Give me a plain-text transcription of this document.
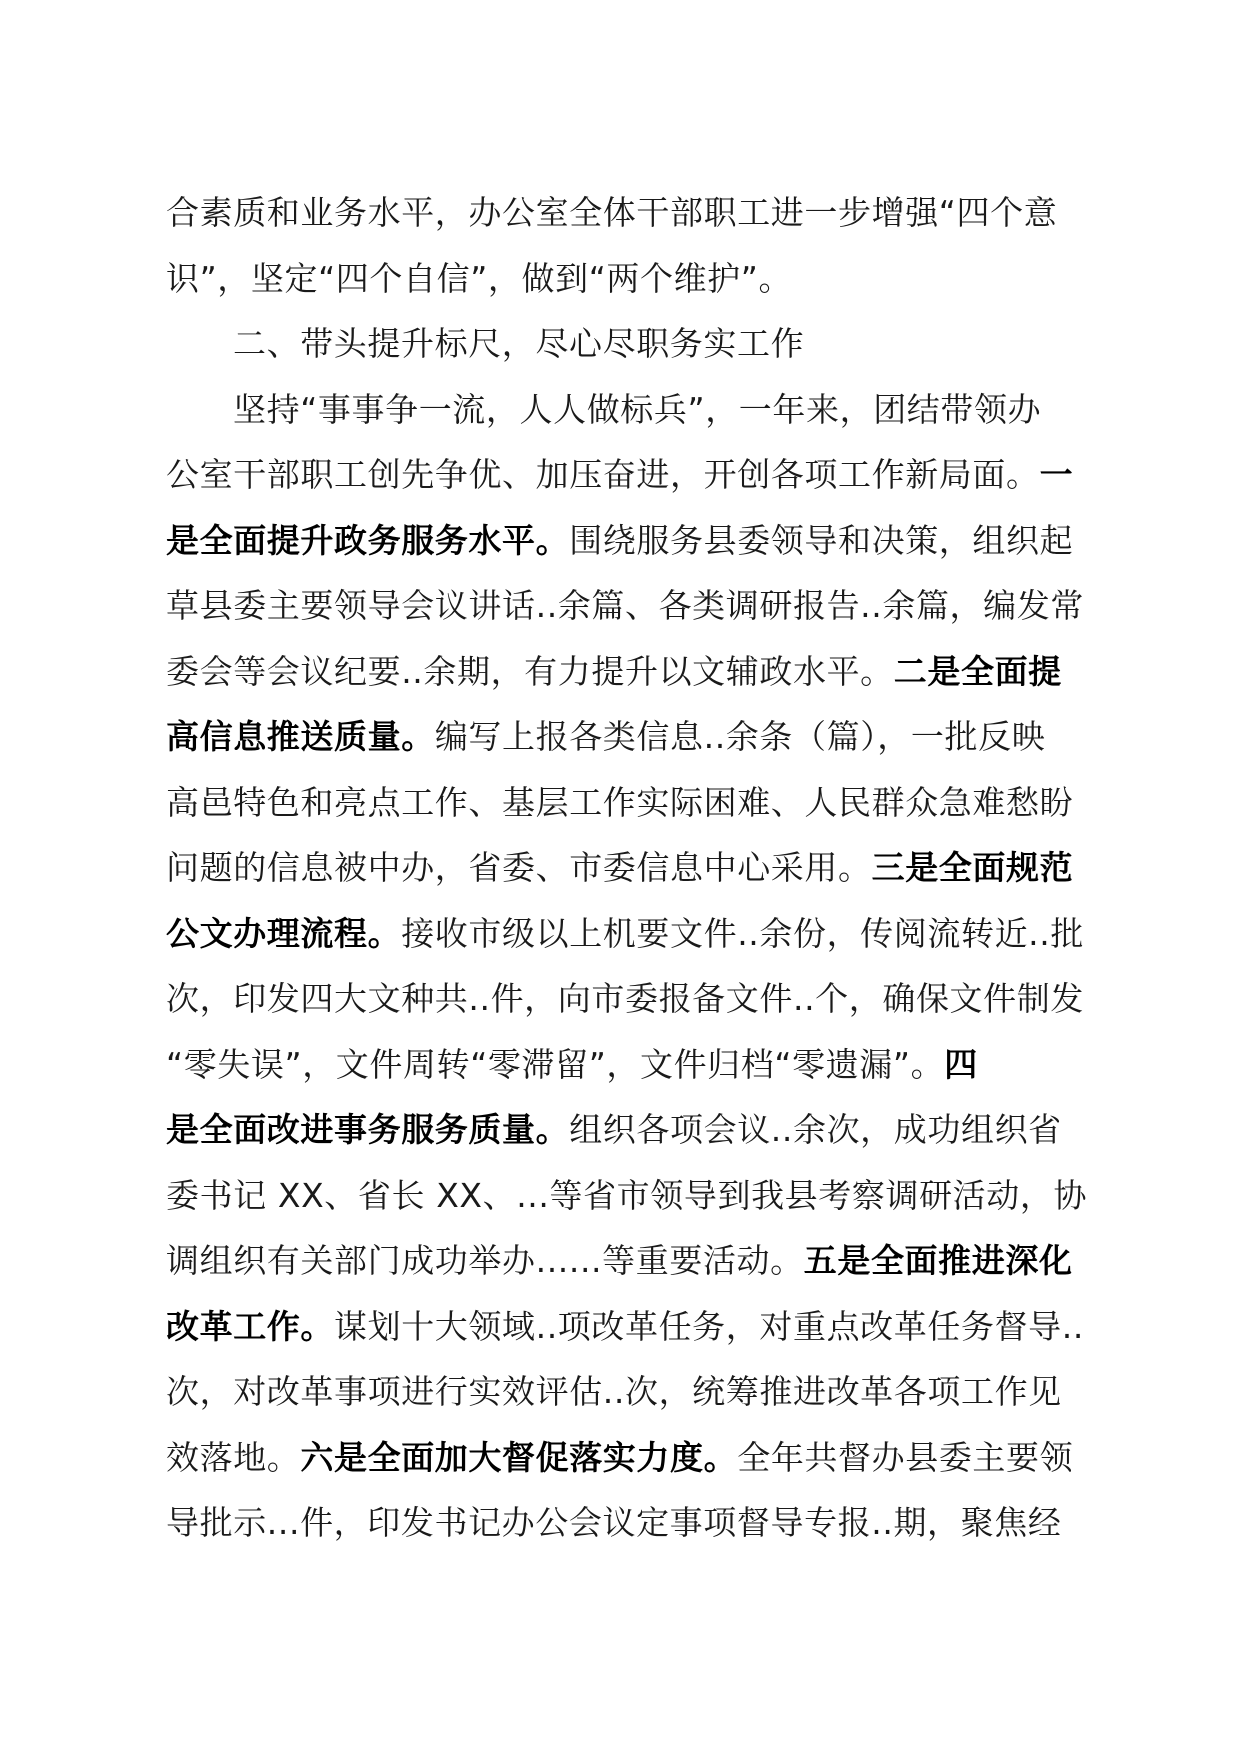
合素质和业务水平，办公室全体干部职工进一步增强“四个意
识”，坚定“四个自信”，做到“两个维护”。
二、带头提升标尺，尽心尽职务实工作
坚持“事事争一流，人人做标兵”，一年来，团结带领办
公室干部职工创先争优、加压奋进，开创各项工作新局面。一
是全面提升政务服务水平。围绕服务县委领导和决策，组织起
草县委主要领导会议讲话..余篇、各类调研报告..余篇，编发常
委会等会议纪要..余期，有力提升以文辅政水平。二是全面提
高信息推送质量。编写上报各类信息..余条（篇），一批反映
高邑特色和亮点工作、基层工作实际困难、人民群众急难愁盼
问题的信息被中办，省委、市委信息中心采用。三是全面规范
公文办理流程。接收市级以上机要文件..余份，传阅流转近..批
次，印发四大文种共..件，向市委报备文件..个，确保文件制发
“零失误”，文件周转“零滞留”，文件归档“零遗漏”。四
是全面改进事务服务质量。组织各项会议..余次，成功组织省
委书记 XX、省长 XX、...等省市领导到我县考察调研活动，协
调组织有关部门成功举办......等重要活动。五是全面推进深化
改革工作。谋划十大领域..项改革任务，对重点改革任务督导..
次，对改革事项进行实效评估..次，统筹推进改革各项工作见
效落地。六是全面加大督促落实力度。全年共督办县委主要领
导批示...件，印发书记办公会议定事项督导专报..期，聚焦经
